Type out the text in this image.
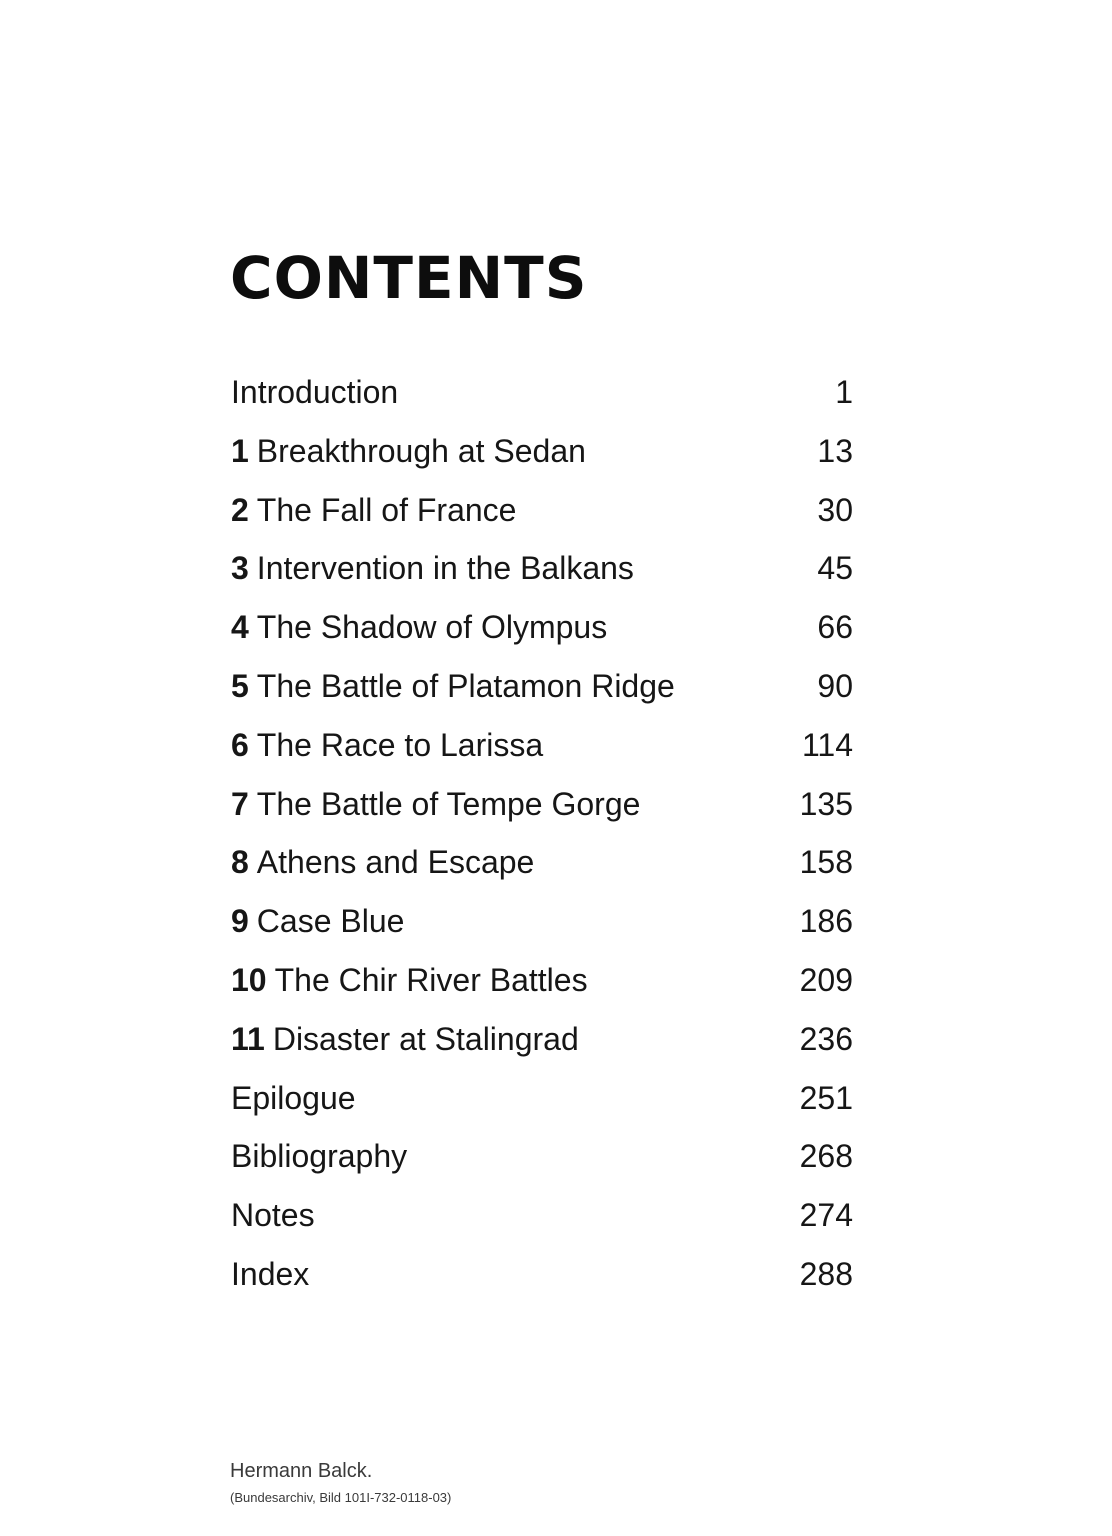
CONTENTS
Introduction	1
1 Breakthrough at Sedan	13
2 The Fall of France	30
3 Intervention in the Balkans	45
4 The Shadow of Olympus	66
5 The Battle of Platamon Ridge	90
6 The Race to Larissa	114
7 The Battle of Tempe Gorge	135
8 Athens and Escape	158
9 Case Blue	186
10 The Chir River Battles	209
11 Disaster at Stalingrad	236
Epilogue	251
Bibliography	268
Notes	274
Index	288
Hermann Balck.
(Bundesarchiv, Bild 101I-732-0118-03)
